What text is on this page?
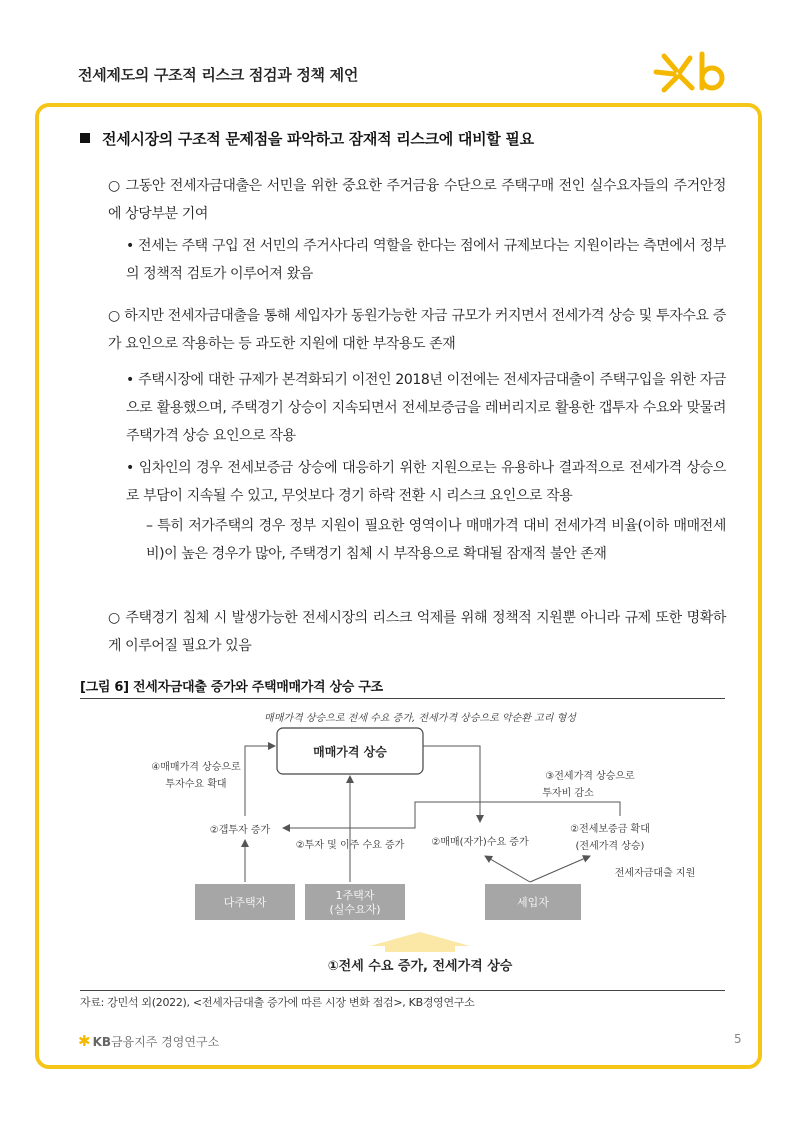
전세제도의 구조적 리스크 점검과 정책 제언
전세시장의 구조적 문제점을 파악하고 잠재적 리스크에 대비할 필요
○ 그동안 전세자금대출은 서민을 위한 중요한 주거금융 수단으로 주택구매 전인 실수요자들의 주거안정에 상당부분 기여
• 전세는 주택 구입 전 서민의 주거사다리 역할을 한다는 점에서 규제보다는 지원이라는 측면에서 정부의 정책적 검토가 이루어져 왔음
○ 하지만 전세자금대출을 통해 세입자가 동원가능한 자금 규모가 커지면서 전세가격 상승 및 투자수요 증가 요인으로 작용하는 등 과도한 지원에 대한 부작용도 존재
• 주택시장에 대한 규제가 본격화되기 이전인 2018년 이전에는 전세자금대출이 주택구입을 위한 자금으로 활용했으며, 주택경기 상승이 지속되면서 전세보증금을 레버리지로 활용한 갭투자 수요와 맞물려 주택가격 상승 요인으로 작용
• 임차인의 경우 전세보증금 상승에 대응하기 위한 지원으로는 유용하나 결과적으로 전세가격 상승으로 부담이 지속될 수 있고, 무엇보다 경기 하락 전환 시 리스크 요인으로 작용
– 특히 저가주택의 경우 정부 지원이 필요한 영역이나 매매가격 대비 전세가격 비율(이하 매매전세비)이 높은 경우가 많아, 주택경기 침체 시 부작용으로 확대될 잠재적 불안 존재
○ 주택경기 침체 시 발생가능한 전세시장의 리스크 억제를 위해 정책적 지원뿐 아니라 규제 또한 명확하게 이루어질 필요가 있음
[그림 6] 전세자금대출 증가와 주택매매가격 상승 구조
매매가격 상승으로 전세 수요 증가, 전세가격 상승으로 악순환 고리 형성
매매가격 상승
④매매가격 상승으로
투자수요 확대
③전세가격 상승으로
투자비 감소
②갭투자 증가
②투자 및 이주 수요 증가	②매매(자가)수요 증가
②전세보증금 확대
(전세가격 상승)
전세자금대출 지원
다주택자
1주택자
(실수요자)
세입자
①전세 수요 증가, 전세가격 상승
자료: 강민석 외(2022), <전세자금대출 증가에 따른 시장 변화 점검>, KB경영연구소
✱ KB금융지주 경영연구소	5
